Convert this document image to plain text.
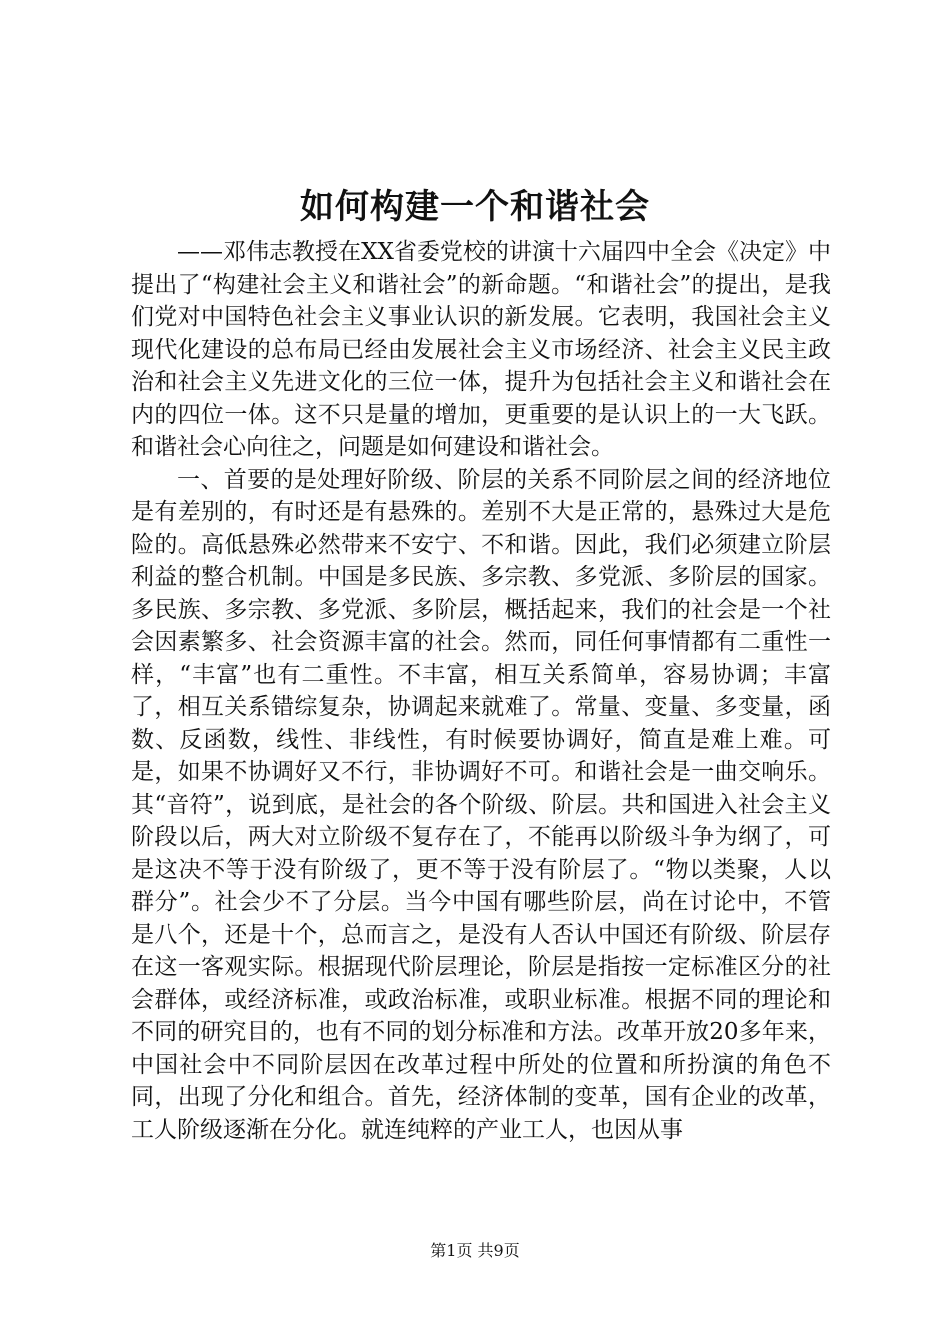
如何构建一个和谐社会

——邓伟志教授在XX省委党校的讲演十六届四中全会《决定》中提出了“构建社会主义和谐社会”的新命题。“和谐社会”的提出，是我们党对中国特色社会主义事业认识的新发展。它表明，我国社会主义现代化建设的总布局已经由发展社会主义市场经济、社会主义民主政治和社会主义先进文化的三位一体，提升为包括社会主义和谐社会在内的四位一体。这不只是量的增加，更重要的是认识上的一大飞跃。和谐社会心向往之，问题是如何建设和谐社会。

一、首要的是处理好阶级、阶层的关系不同阶层之间的经济地位是有差别的，有时还是有悬殊的。差别不大是正常的，悬殊过大是危险的。高低悬殊必然带来不安宁、不和谐。因此，我们必须建立阶层利益的整合机制。中国是多民族、多宗教、多党派、多阶层的国家。多民族、多宗教、多党派、多阶层，概括起来，我们的社会是一个社会因素繁多、社会资源丰富的社会。然而，同任何事情都有二重性一样，“丰富”也有二重性。不丰富，相互关系简单，容易协调；丰富了，相互关系错综复杂，协调起来就难了。常量、变量、多变量，函数、反函数，线性、非线性，有时候要协调好，简直是难上难。可是，如果不协调好又不行，非协调好不可。和谐社会是一曲交响乐。其“音符”，说到底，是社会的各个阶级、阶层。共和国进入社会主义阶段以后，两大对立阶级不复存在了，不能再以阶级斗争为纲了，可是这决不等于没有阶级了，更不等于没有阶层了。“物以类聚，人以群分”。社会少不了分层。当今中国有哪些阶层，尚在讨论中，不管是八个，还是十个，总而言之，是没有人否认中国还有阶级、阶层存在这一客观实际。根据现代阶层理论，阶层是指按一定标准区分的社会群体，或经济标准，或政治标准，或职业标准。根据不同的理论和不同的研究目的，也有不同的划分标准和方法。改革开放20多年来，中国社会中不同阶层因在改革过程中所处的位置和所扮演的角色不同，出现了分化和组合。首先，经济体制的变革，国有企业的改革，工人阶级逐渐在分化。就连纯粹的产业工人，也因从事

第1页 共9页
